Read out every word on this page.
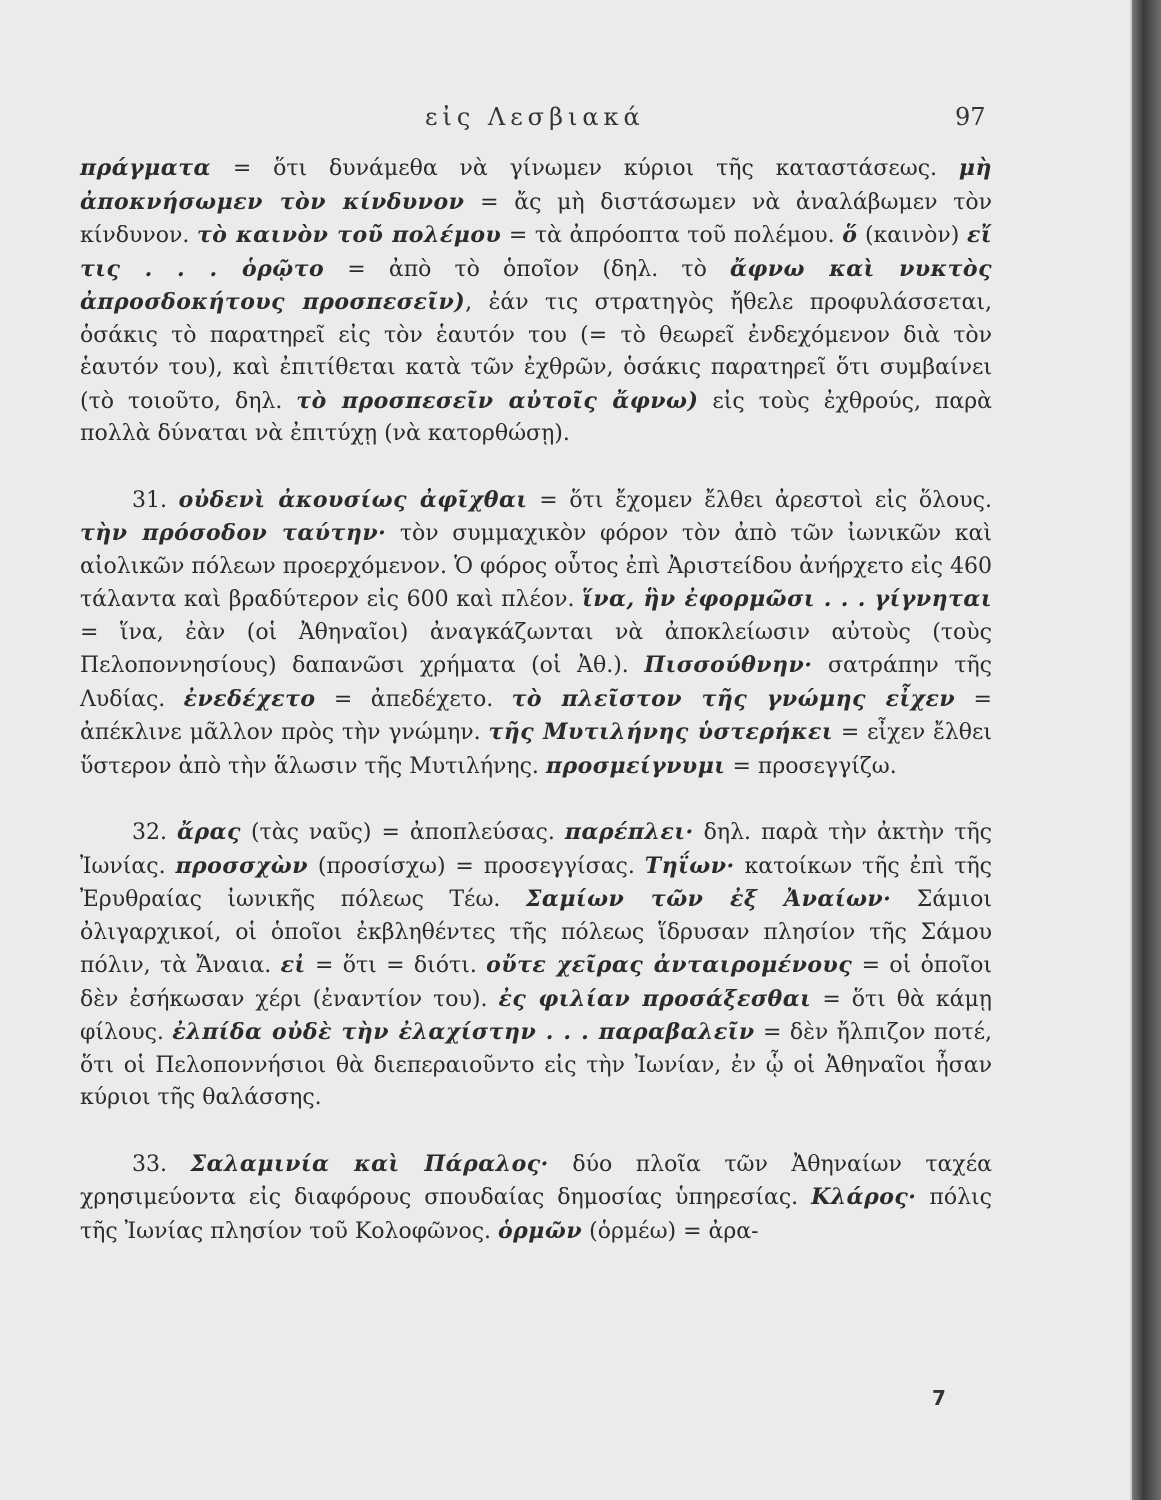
εἰς Λεσβιακά	97

πράγματα = ὅτι δυνάμεθα νὰ γίνωμεν κύριοι τῆς καταστάσεως. μὴ ἀποκνήσωμεν τὸν κίνδυνον = ἄς μὴ διστάσωμεν νὰ ἀναλάβωμεν τὸν κίνδυνον. τὸ καινὸν τοῦ πολέμου = τὰ ἀπρόοπτα τοῦ πολέμου. ὅ (καινὸν) εἴ τις . . . ὁρῷτο = ἀπὸ τὸ ὁποῖον (δηλ. τὸ ἄφνω καὶ νυκτὸς ἀπροσδοκήτους προσπεσεῖν), ἐάν τις στρατηγὸς ἤθελε προφυλάσσεται, ὁσάκις τὸ παρατηρεῖ εἰς τὸν ἑαυτόν του (= τὸ θεωρεῖ ἐνδεχόμενον διὰ τὸν ἑαυτόν του), καὶ ἐπιτίθεται κατὰ τῶν ἐχθρῶν, ὁσάκις παρατηρεῖ ὅτι συμβαίνει (τὸ τοιοῦτο, δηλ. τὸ προσπεσεῖν αὐτοῖς ἄφνω) εἰς τοὺς ἐχθρούς, παρὰ πολλὰ δύναται νὰ ἐπιτύχῃ (νὰ κατορθώσῃ).

31. οὐδενὶ ἀκουσίως ἀφῖχθαι = ὅτι ἔχομεν ἔλθει ἀρεστοὶ εἰς ὅλους. τὴν πρόσοδον ταύτην· τὸν συμμαχικὸν φόρον τὸν ἀπὸ τῶν ἰωνικῶν καὶ αἰολικῶν πόλεων προερχόμενον. Ὁ φόρος οὗτος ἐπὶ Ἀριστείδου ἀνήρχετο εἰς 460 τάλαντα καὶ βραδύτερον εἰς 600 καὶ πλέον. ἵνα, ἣν ἐφορμῶσι . . . γίγνηται = ἵνα, ἐὰν (οἱ Ἀθηναῖοι) ἀναγκάζωνται νὰ ἀποκλείωσιν αὐτοὺς (τοὺς Πελοποννησίους) δαπανῶσι χρήματα (οἱ Ἀθ.). Πισσούθνην· σατράπην τῆς Λυδίας. ἐνεδέχετο = ἀπεδέχετο. τὸ πλεῖστον τῆς γνώμης εἶχεν = ἀπέκλινε μᾶλλον πρὸς τὴν γνώμην. τῆς Μυτιλήνης ὑστερήκει = εἶχεν ἔλθει ὕστερον ἀπὸ τὴν ἅλωσιν τῆς Μυτιλήνης. προσμείγνυμι = προσεγγίζω.

32. ἄρας (τὰς ναῦς) = ἀποπλεύσας. παρέπλει· δηλ. παρὰ τὴν ἀκτὴν τῆς Ἰωνίας. προσσχὼν (προσίσχω) = προσεγγίσας. Τηΐων· κατοίκων τῆς ἐπὶ τῆς Ἐρυθραίας ἰωνικῆς πόλεως Τέω. Σαμίων τῶν ἐξ Ἀναίων· Σάμιοι ὀλιγαρχικοί, οἱ ὁποῖοι ἐκβληθέντες τῆς πόλεως ἵδρυσαν πλησίον τῆς Σάμου πόλιν, τὰ Ἄναια. εἰ = ὅτι = διότι. οὔτε χεῖρας ἀνταιρομένους = οἱ ὁποῖοι δὲν ἐσήκωσαν χέρι (ἐναντίον του). ἐς φιλίαν προσάξεσθαι = ὅτι θὰ κάμῃ φίλους. ἐλπίδα οὐδὲ τὴν ἐλαχίστην . . . παραβαλεῖν = δὲν ἤλπιζον ποτέ, ὅτι οἱ Πελοποννήσιοι θὰ διεπεραιοῦντο εἰς τὴν Ἰωνίαν, ἐν ᾧ οἱ Ἀθηναῖοι ἦσαν κύριοι τῆς θαλάσσης.

33. Σαλαμινία καὶ Πάραλος· δύο πλοῖα τῶν Ἀθηναίων ταχέα χρησιμεύοντα εἰς διαφόρους σπουδαίας δημοσίας ὑπηρεσίας. Κλάρος· πόλις τῆς Ἰωνίας πλησίον τοῦ Κολοφῶνος. ὁρμῶν (ὁρμέω) = ἀρα-

7
